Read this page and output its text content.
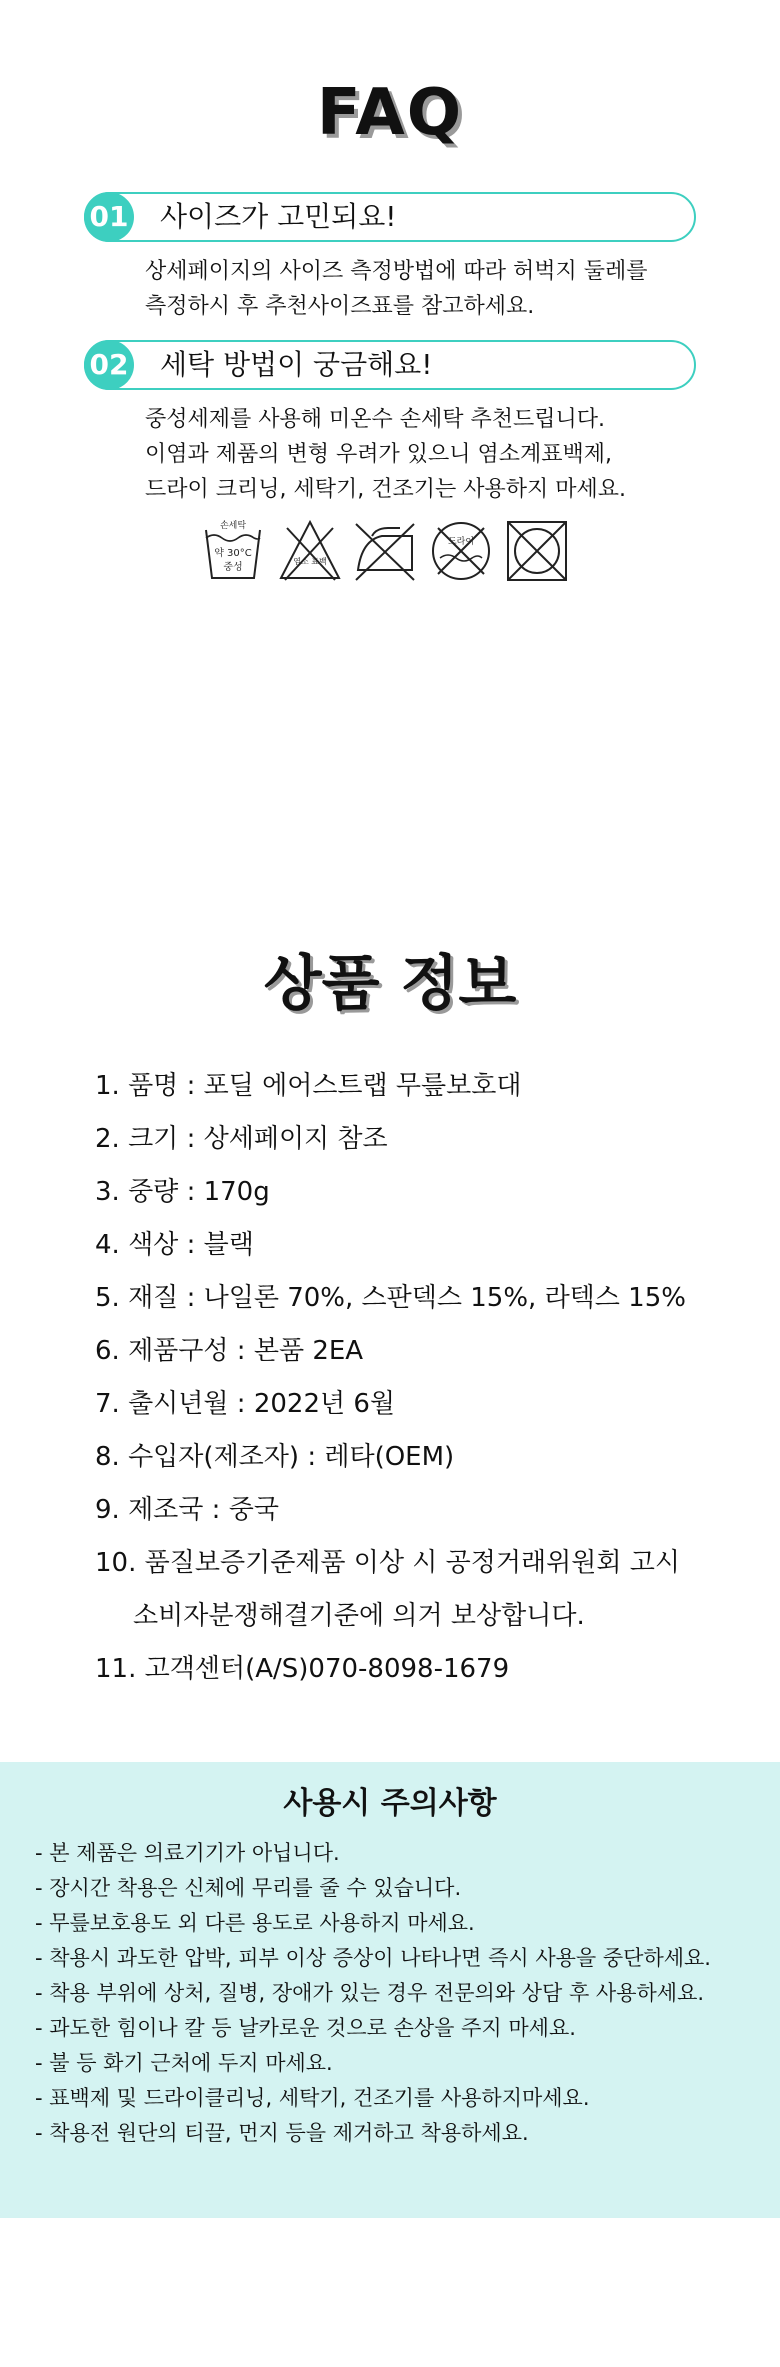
FAQ
01 사이즈가 고민되요!
상세페이지의 사이즈 측정방법에 따라 허벅지 둘레를
측정하시 후 추천사이즈표를 참고하세요.
02 세탁 방법이 궁금해요!
중성세제를 사용해 미온수 손세탁 추천드립니다.
이염과 제품의 변형 우려가 있으니 염소계표백제,
드라이 크리닝, 세탁기, 건조기는 사용하지 마세요.
손세탁
약 30°C
중성
염소 표백
드라이
상품 정보
1. 품명 : 포딜 에어스트랩 무릎보호대
2. 크기 : 상세페이지 참조
3. 중량 : 170g
4. 색상 : 블랙
5. 재질 : 나일론 70%, 스판덱스 15%, 라텍스 15%
6. 제품구성 : 본품 2EA
7. 출시년월 : 2022년 6월
8. 수입자(제조자) : 레타(OEM)
9. 제조국 : 중국
10. 품질보증기준제품 이상 시 공정거래위원회 고시
소비자분쟁해결기준에 의거 보상합니다.
11. 고객센터(A/S)070-8098-1679
사용시 주의사항
- 본 제품은 의료기기가 아닙니다.
- 장시간 착용은 신체에 무리를 줄 수 있습니다.
- 무릎보호용도 외 다른 용도로 사용하지 마세요.
- 착용시 과도한 압박, 피부 이상 증상이 나타나면 즉시 사용을 중단하세요.
- 착용 부위에 상처, 질병, 장애가 있는 경우 전문의와 상담 후 사용하세요.
- 과도한 힘이나 칼 등 날카로운 것으로 손상을 주지 마세요.
- 불 등 화기 근처에 두지 마세요.
- 표백제 및 드라이클리닝, 세탁기, 건조기를 사용하지마세요.
- 착용전 원단의 티끌, 먼지 등을 제거하고 착용하세요.
